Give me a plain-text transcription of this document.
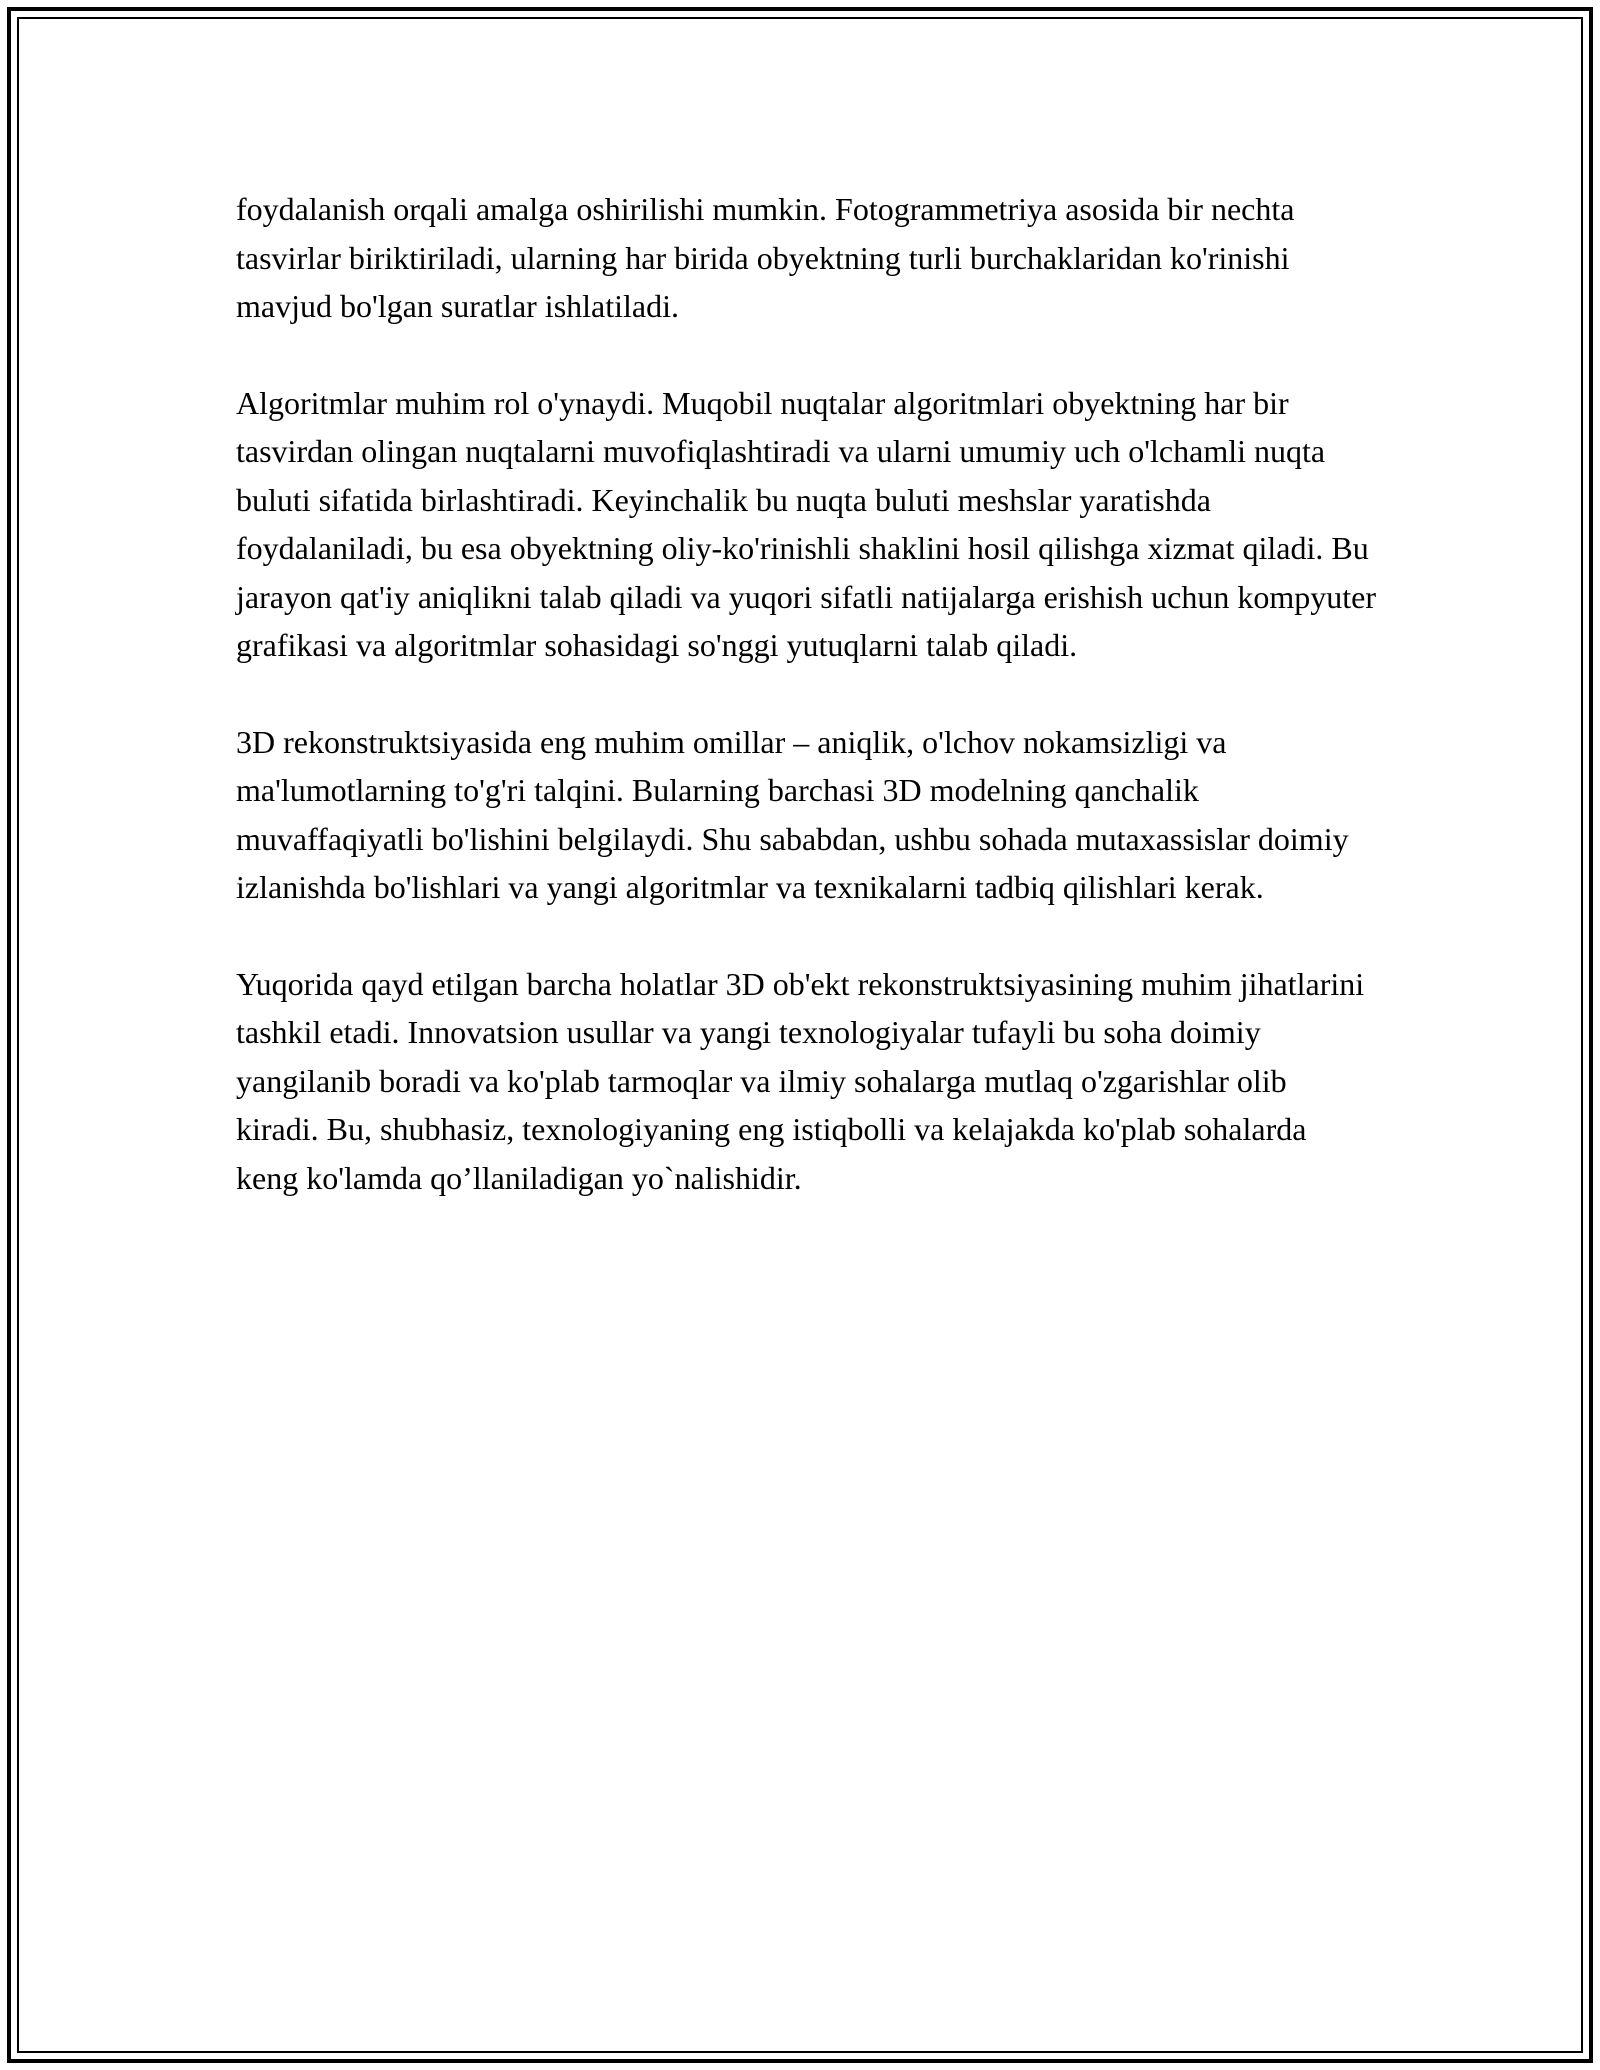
foydalanish orqali amalga oshirilishi mumkin. Fotogrammetriya asosida bir nechta tasvirlar biriktiriladi, ularning har birida obyektning turli burchaklaridan ko'rinishi mavjud bo'lgan suratlar ishlatiladi.

Algoritmlar muhim rol o'ynaydi. Muqobil nuqtalar algoritmlari obyektning har bir tasvirdan olingan nuqtalarni muvofiqlashtiradi va ularni umumiy uch o'lchamli nuqta buluti sifatida birlashtiradi. Keyinchalik bu nuqta buluti meshslar yaratishda foydalaniladi, bu esa obyektning oliy-ko'rinishli shaklini hosil qilishga xizmat qiladi. Bu jarayon qat'iy aniqlikni talab qiladi va yuqori sifatli natijalarga erishish uchun kompyuter grafikasi va algoritmlar sohasidagi so'nggi yutuqlarni talab qiladi.

3D rekonstruktsiyasida eng muhim omillar – aniqlik, o'lchov nokamsizligi va ma'lumotlarning to'g'ri talqini. Bularning barchasi 3D modelning qanchalik muvaffaqiyatli bo'lishini belgilaydi. Shu sababdan, ushbu sohada mutaxassislar doimiy izlanishda bo'lishlari va yangi algoritmlar va texnikalarni tadbiq qilishlari kerak.

Yuqorida qayd etilgan barcha holatlar 3D ob'ekt rekonstruktsiyasining muhim jihatlarini tashkil etadi. Innovatsion usullar va yangi texnologiyalar tufayli bu soha doimiy yangilanib boradi va ko'plab tarmoqlar va ilmiy sohalarga mutlaq o'zgarishlar olib kiradi. Bu, shubhasiz, texnologiyaning eng istiqbolli va kelajakda ko'plab sohalarda keng ko'lamda qo’llaniladigan yo`nalishidir.
